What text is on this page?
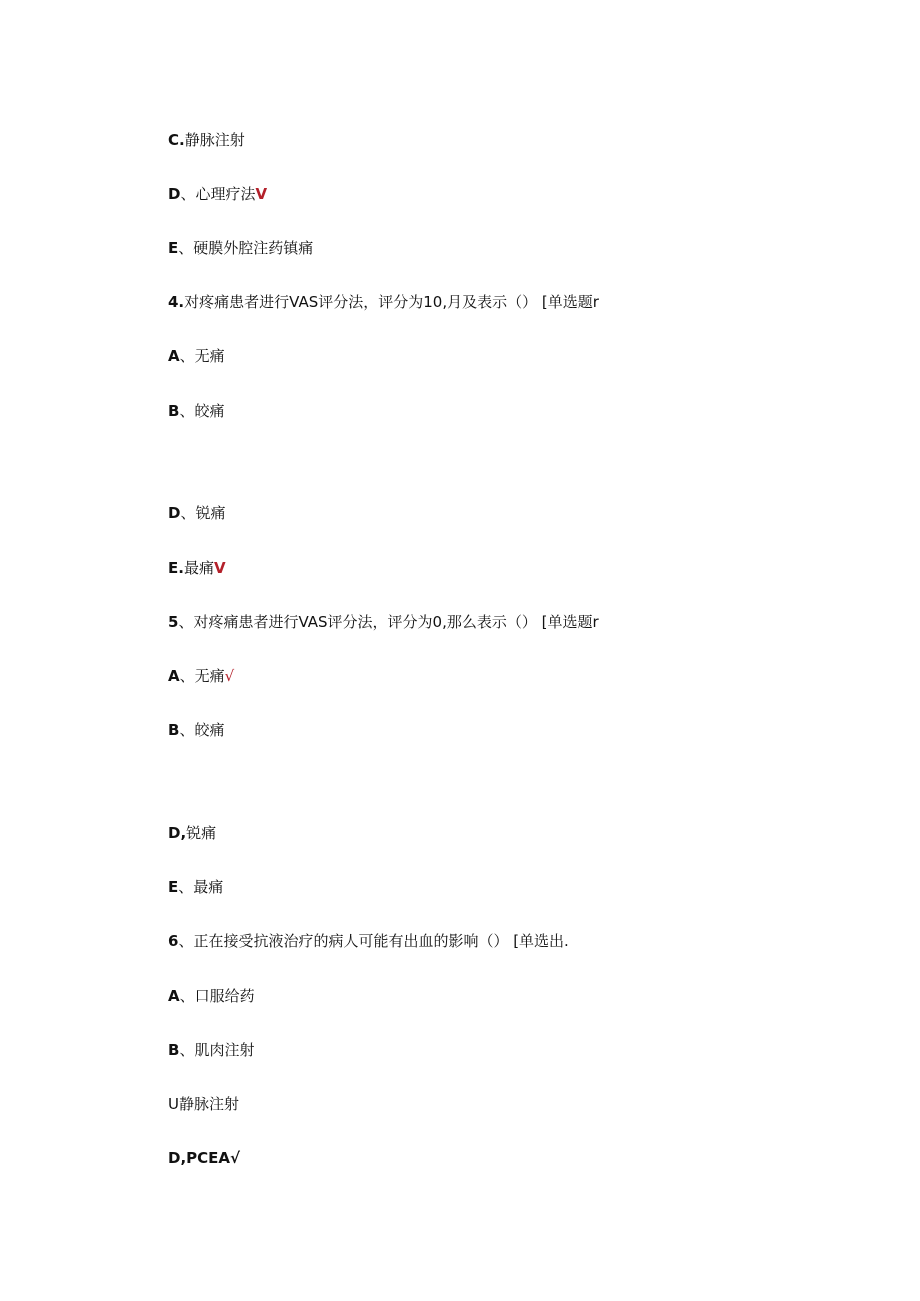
C.静脉注射
D、心理疗法V
E、硬膜外腔注药镇痛
4.对疼痛患者进行VAS评分法，评分为10,月及表示（） [单选题r
A、无痛
B、皎痛
D、锐痛
E.最痛V
5、对疼痛患者进行VAS评分法，评分为0,那么表示（） [单选题r
A、无痛√
B、皎痛
D,锐痛
E、最痛
6、正在接受抗液治疗的病人可能有出血的影响（） [单选出.
A、口服给药
B、肌肉注射
U静脉注射
D,PCEA√
